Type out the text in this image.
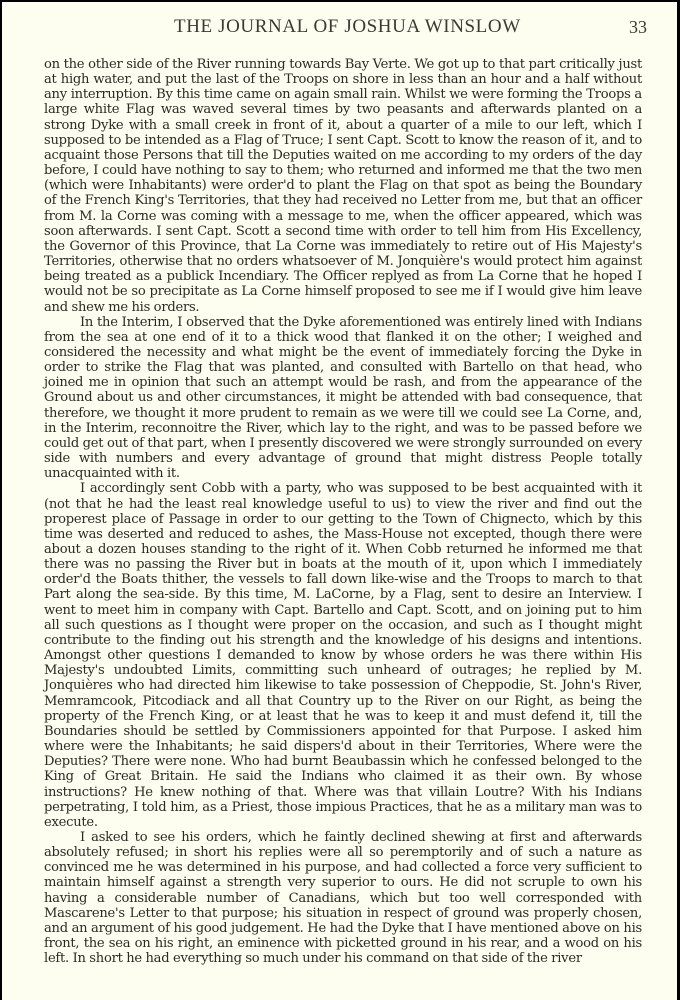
THE JOURNAL OF JOSHUA WINSLOW	33

on the other side of the River running towards Bay Verte. We got up to that part critically just at high water, and put the last of the Troops on shore in less than an hour and a half without any interruption. By this time came on again small rain. Whilst we were forming the Troops a large white Flag was waved several times by two peasants and afterwards planted on a strong Dyke with a small creek in front of it, about a quarter of a mile to our left, which I supposed to be intended as a Flag of Truce; I sent Capt. Scott to know the reason of it, and to acquaint those Persons that till the Deputies waited on me according to my orders of the day before, I could have nothing to say to them; who returned and informed me that the two men (which were Inhabitants) were order'd to plant the Flag on that spot as being the Boundary of the French King's Territories, that they had received no Letter from me, but that an officer from M. la Corne was coming with a message to me, when the officer appeared, which was soon afterwards. I sent Capt. Scott a second time with order to tell him from His Excellency, the Governor of this Province, that La Corne was immediately to retire out of His Majesty's Territories, otherwise that no orders whatsoever of M. Jonquière's would protect him against being treated as a publick Incendiary. The Officer replyed as from La Corne that he hoped I would not be so precipitate as La Corne himself proposed to see me if I would give him leave and shew me his orders.

In the Interim, I observed that the Dyke aforementioned was entirely lined with Indians from the sea at one end of it to a thick wood that flanked it on the other; I weighed and considered the necessity and what might be the event of immediately forcing the Dyke in order to strike the Flag that was planted, and consulted with Bartello on that head, who joined me in opinion that such an attempt would be rash, and from the appearance of the Ground about us and other circumstances, it might be attended with bad consequence, that therefore, we thought it more prudent to remain as we were till we could see La Corne, and, in the Interim, reconnoitre the River, which lay to the right, and was to be passed before we could get out of that part, when I presently discovered we were strongly surrounded on every side with numbers and every advantage of ground that might distress People totally unacquainted with it.

I accordingly sent Cobb with a party, who was supposed to be best acquainted with it (not that he had the least real knowledge useful to us) to view the river and find out the properest place of Passage in order to our getting to the Town of Chignecto, which by this time was deserted and reduced to ashes, the Mass-House not excepted, though there were about a dozen houses standing to the right of it. When Cobb returned he informed me that there was no passing the River but in boats at the mouth of it, upon which I immediately order'd the Boats thither, the vessels to fall down like-wise and the Troops to march to that Part along the sea-side. By this time, M. LaCorne, by a Flag, sent to desire an Interview. I went to meet him in company with Capt. Bartello and Capt. Scott, and on joining put to him all such questions as I thought were proper on the occasion, and such as I thought might contribute to the finding out his strength and the knowledge of his designs and intentions. Amongst other questions I demanded to know by whose orders he was there within His Majesty's undoubted Limits, committing such unheard of outrages; he replied by M. Jonquières who had directed him likewise to take possession of Cheppodie, St. John's River, Memramcook, Pitcodiack and all that Country up to the River on our Right, as being the property of the French King, or at least that he was to keep it and must defend it, till the Boundaries should be settled by Commissioners appointed for that Purpose. I asked him where were the Inhabitants; he said dispers'd about in their Territories, Where were the Deputies? There were none. Who had burnt Beaubassin which he confessed belonged to the King of Great Britain. He said the Indians who claimed it as their own. By whose instructions? He knew nothing of that. Where was that villain Loutre? With his Indians perpetrating, I told him, as a Priest, those impious Practices, that he as a military man was to execute.

I asked to see his orders, which he faintly declined shewing at first and afterwards absolutely refused; in short his replies were all so peremptorily and of such a nature as convinced me he was determined in his purpose, and had collected a force very sufficient to maintain himself against a strength very superior to ours. He did not scruple to own his having a considerable number of Canadians, which but too well corresponded with Mascarene's Letter to that purpose; his situation in respect of ground was properly chosen, and an argument of his good judgement. He had the Dyke that I have mentioned above on his front, the sea on his right, an eminence with picketted ground in his rear, and a wood on his left. In short he had everything so much under his command on that side of the river
